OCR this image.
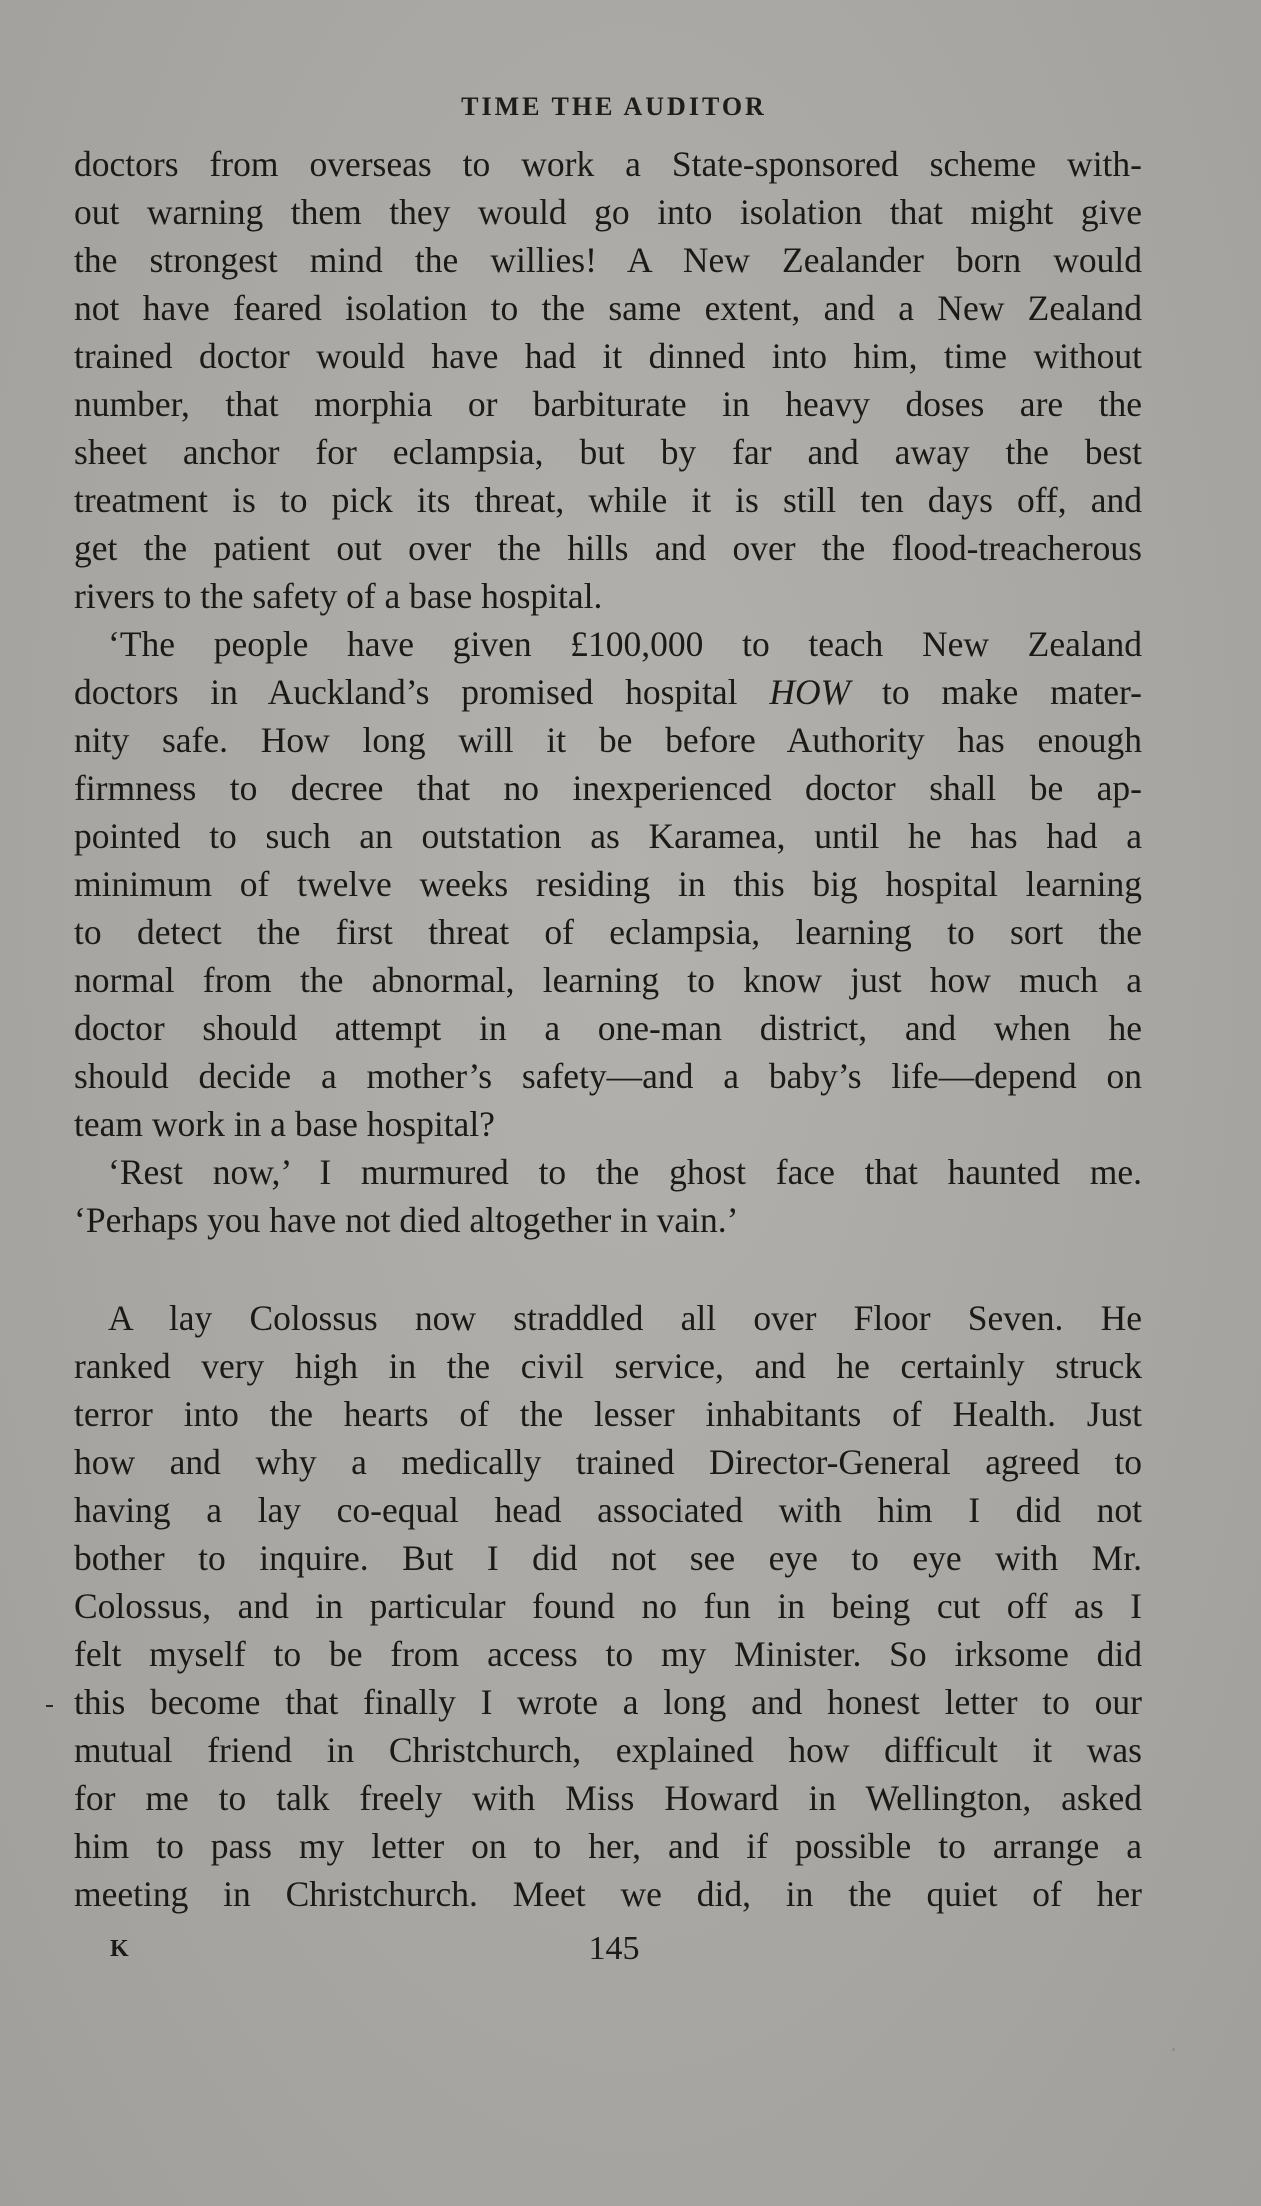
TIME THE AUDITOR
doctors from overseas to work a State-sponsored scheme with-
out warning them they would go into isolation that might give
the strongest mind the willies! A New Zealander born would
not have feared isolation to the same extent, and a New Zealand
trained doctor would have had it dinned into him, time without
number, that morphia or barbiturate in heavy doses are the
sheet anchor for eclampsia, but by far and away the best
treatment is to pick its threat, while it is still ten days off, and
get the patient out over the hills and over the flood-treacherous
rivers to the safety of a base hospital.
‘The people have given £100,000 to teach New Zealand
doctors in Auckland’s promised hospital HOW to make mater-
nity safe. How long will it be before Authority has enough
firmness to decree that no inexperienced doctor shall be ap-
pointed to such an outstation as Karamea, until he has had a
minimum of twelve weeks residing in this big hospital learning
to detect the first threat of eclampsia, learning to sort the
normal from the abnormal, learning to know just how much a
doctor should attempt in a one-man district, and when he
should decide a mother’s safety—and a baby’s life—depend on
team work in a base hospital?
‘Rest now,’ I murmured to the ghost face that haunted me.
‘Perhaps you have not died altogether in vain.’
A lay Colossus now straddled all over Floor Seven. He
ranked very high in the civil service, and he certainly struck
terror into the hearts of the lesser inhabitants of Health. Just
how and why a medically trained Director-General agreed to
having a lay co-equal head associated with him I did not
bother to inquire. But I did not see eye to eye with Mr.
Colossus, and in particular found no fun in being cut off as I
felt myself to be from access to my Minister. So irksome did
this become that finally I wrote a long and honest letter to our
mutual friend in Christchurch, explained how difficult it was
for me to talk freely with Miss Howard in Wellington, asked
him to pass my letter on to her, and if possible to arrange a
meeting in Christchurch. Meet we did, in the quiet of her
K	145
